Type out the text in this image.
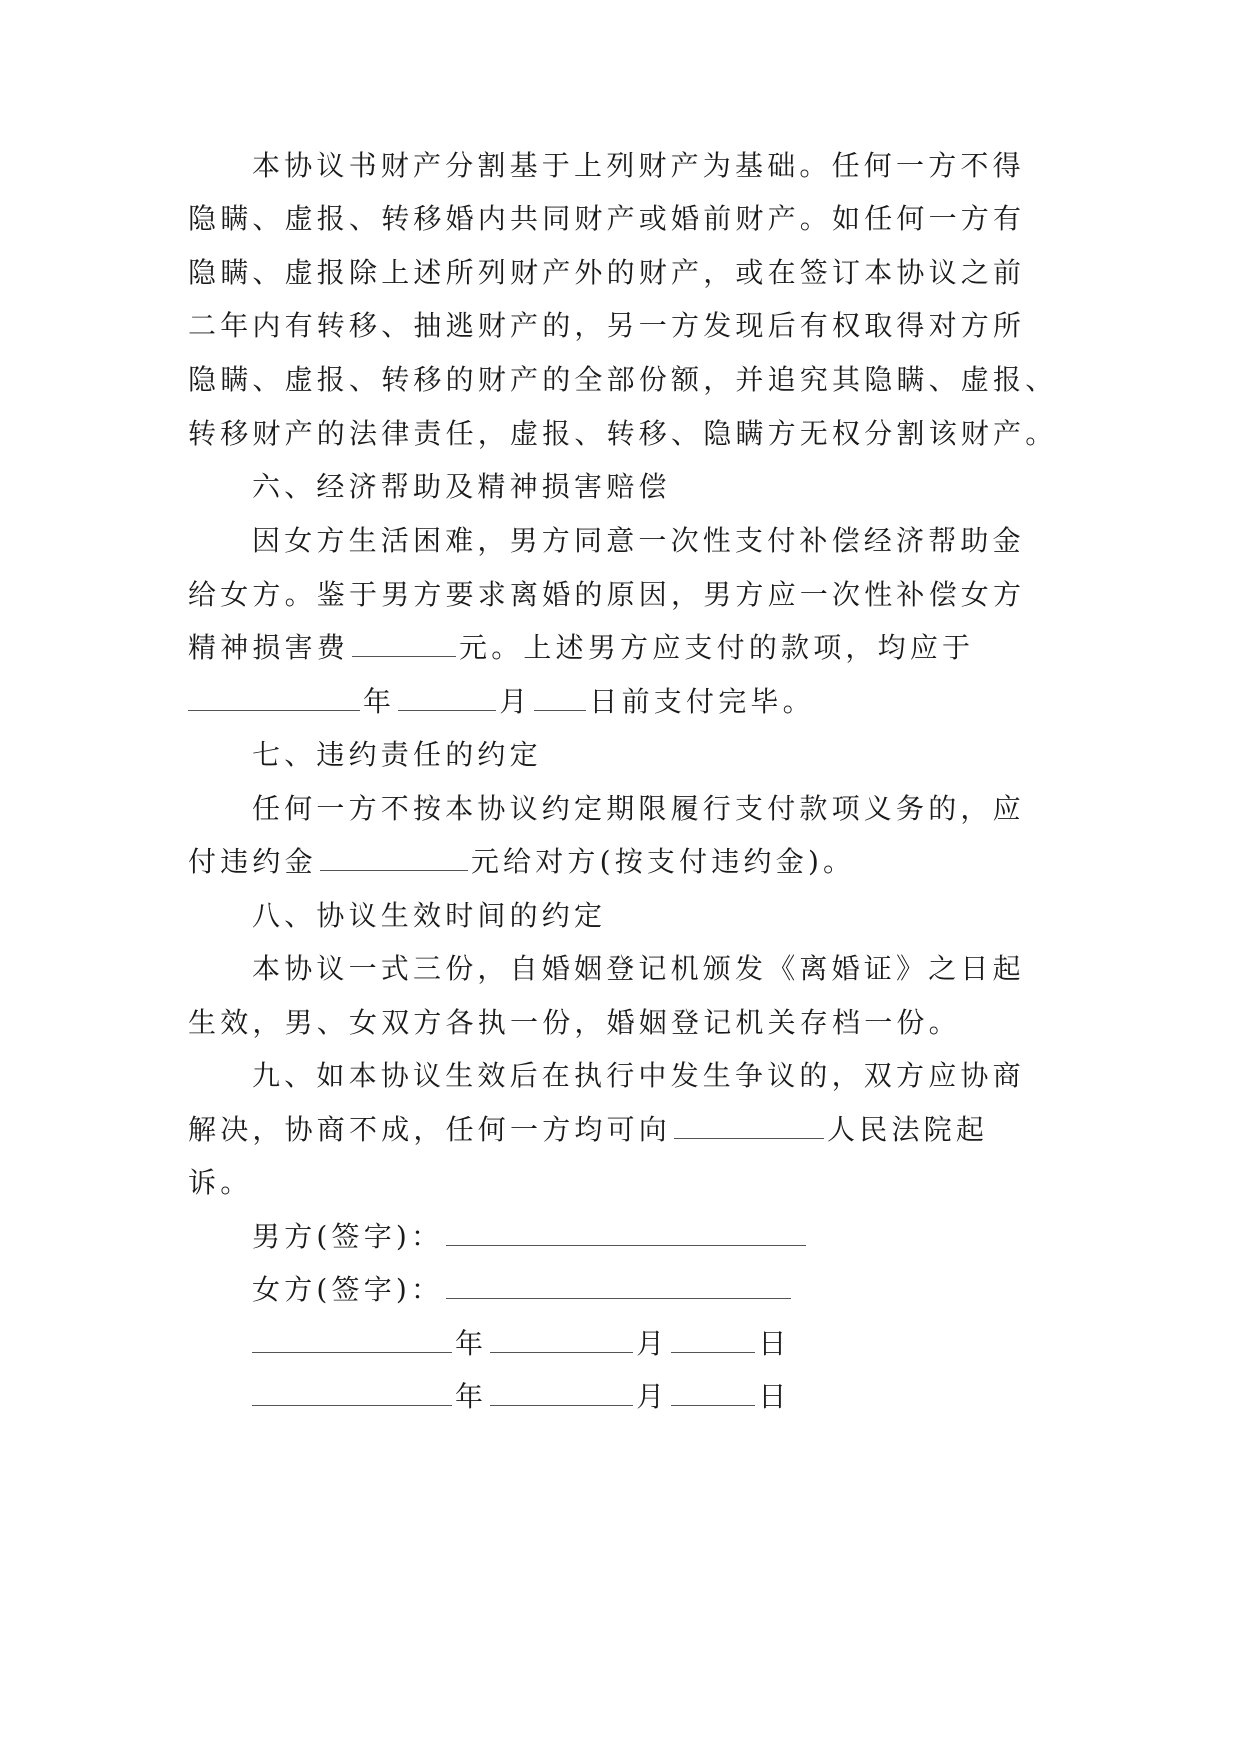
本协议书财产分割基于上列财产为基础。任何一方不得
隐瞒、虚报、转移婚内共同财产或婚前财产。如任何一方有
隐瞒、虚报除上述所列财产外的财产，或在签订本协议之前
二年内有转移、抽逃财产的，另一方发现后有权取得对方所
隐瞒、虚报、转移的财产的全部份额，并追究其隐瞒、虚报、
转移财产的法律责任，虚报、转移、隐瞒方无权分割该财产。
六、经济帮助及精神损害赔偿
因女方生活困难，男方同意一次性支付补偿经济帮助金
给女方。鉴于男方要求离婚的原因，男方应一次性补偿女方
精神损害费	元。上述男方应支付的款项，均应于
年	月 日前支付完毕。
七、违约责任的约定
任何一方不按本协议约定期限履行支付款项义务的，应
付违约金	元给对方(按支付违约金)。
八、协议生效时间的约定
本协议一式三份，自婚姻登记机颁发《离婚证》之日起
生效，男、女双方各执一份，婚姻登记机关存档一份。
九、如本协议生效后在执行中发生争议的，双方应协商
解决，协商不成，任何一方均可向	人民法院起
诉。
男方(签字)：
女方(签字)：
年	月	日
年	月	日
